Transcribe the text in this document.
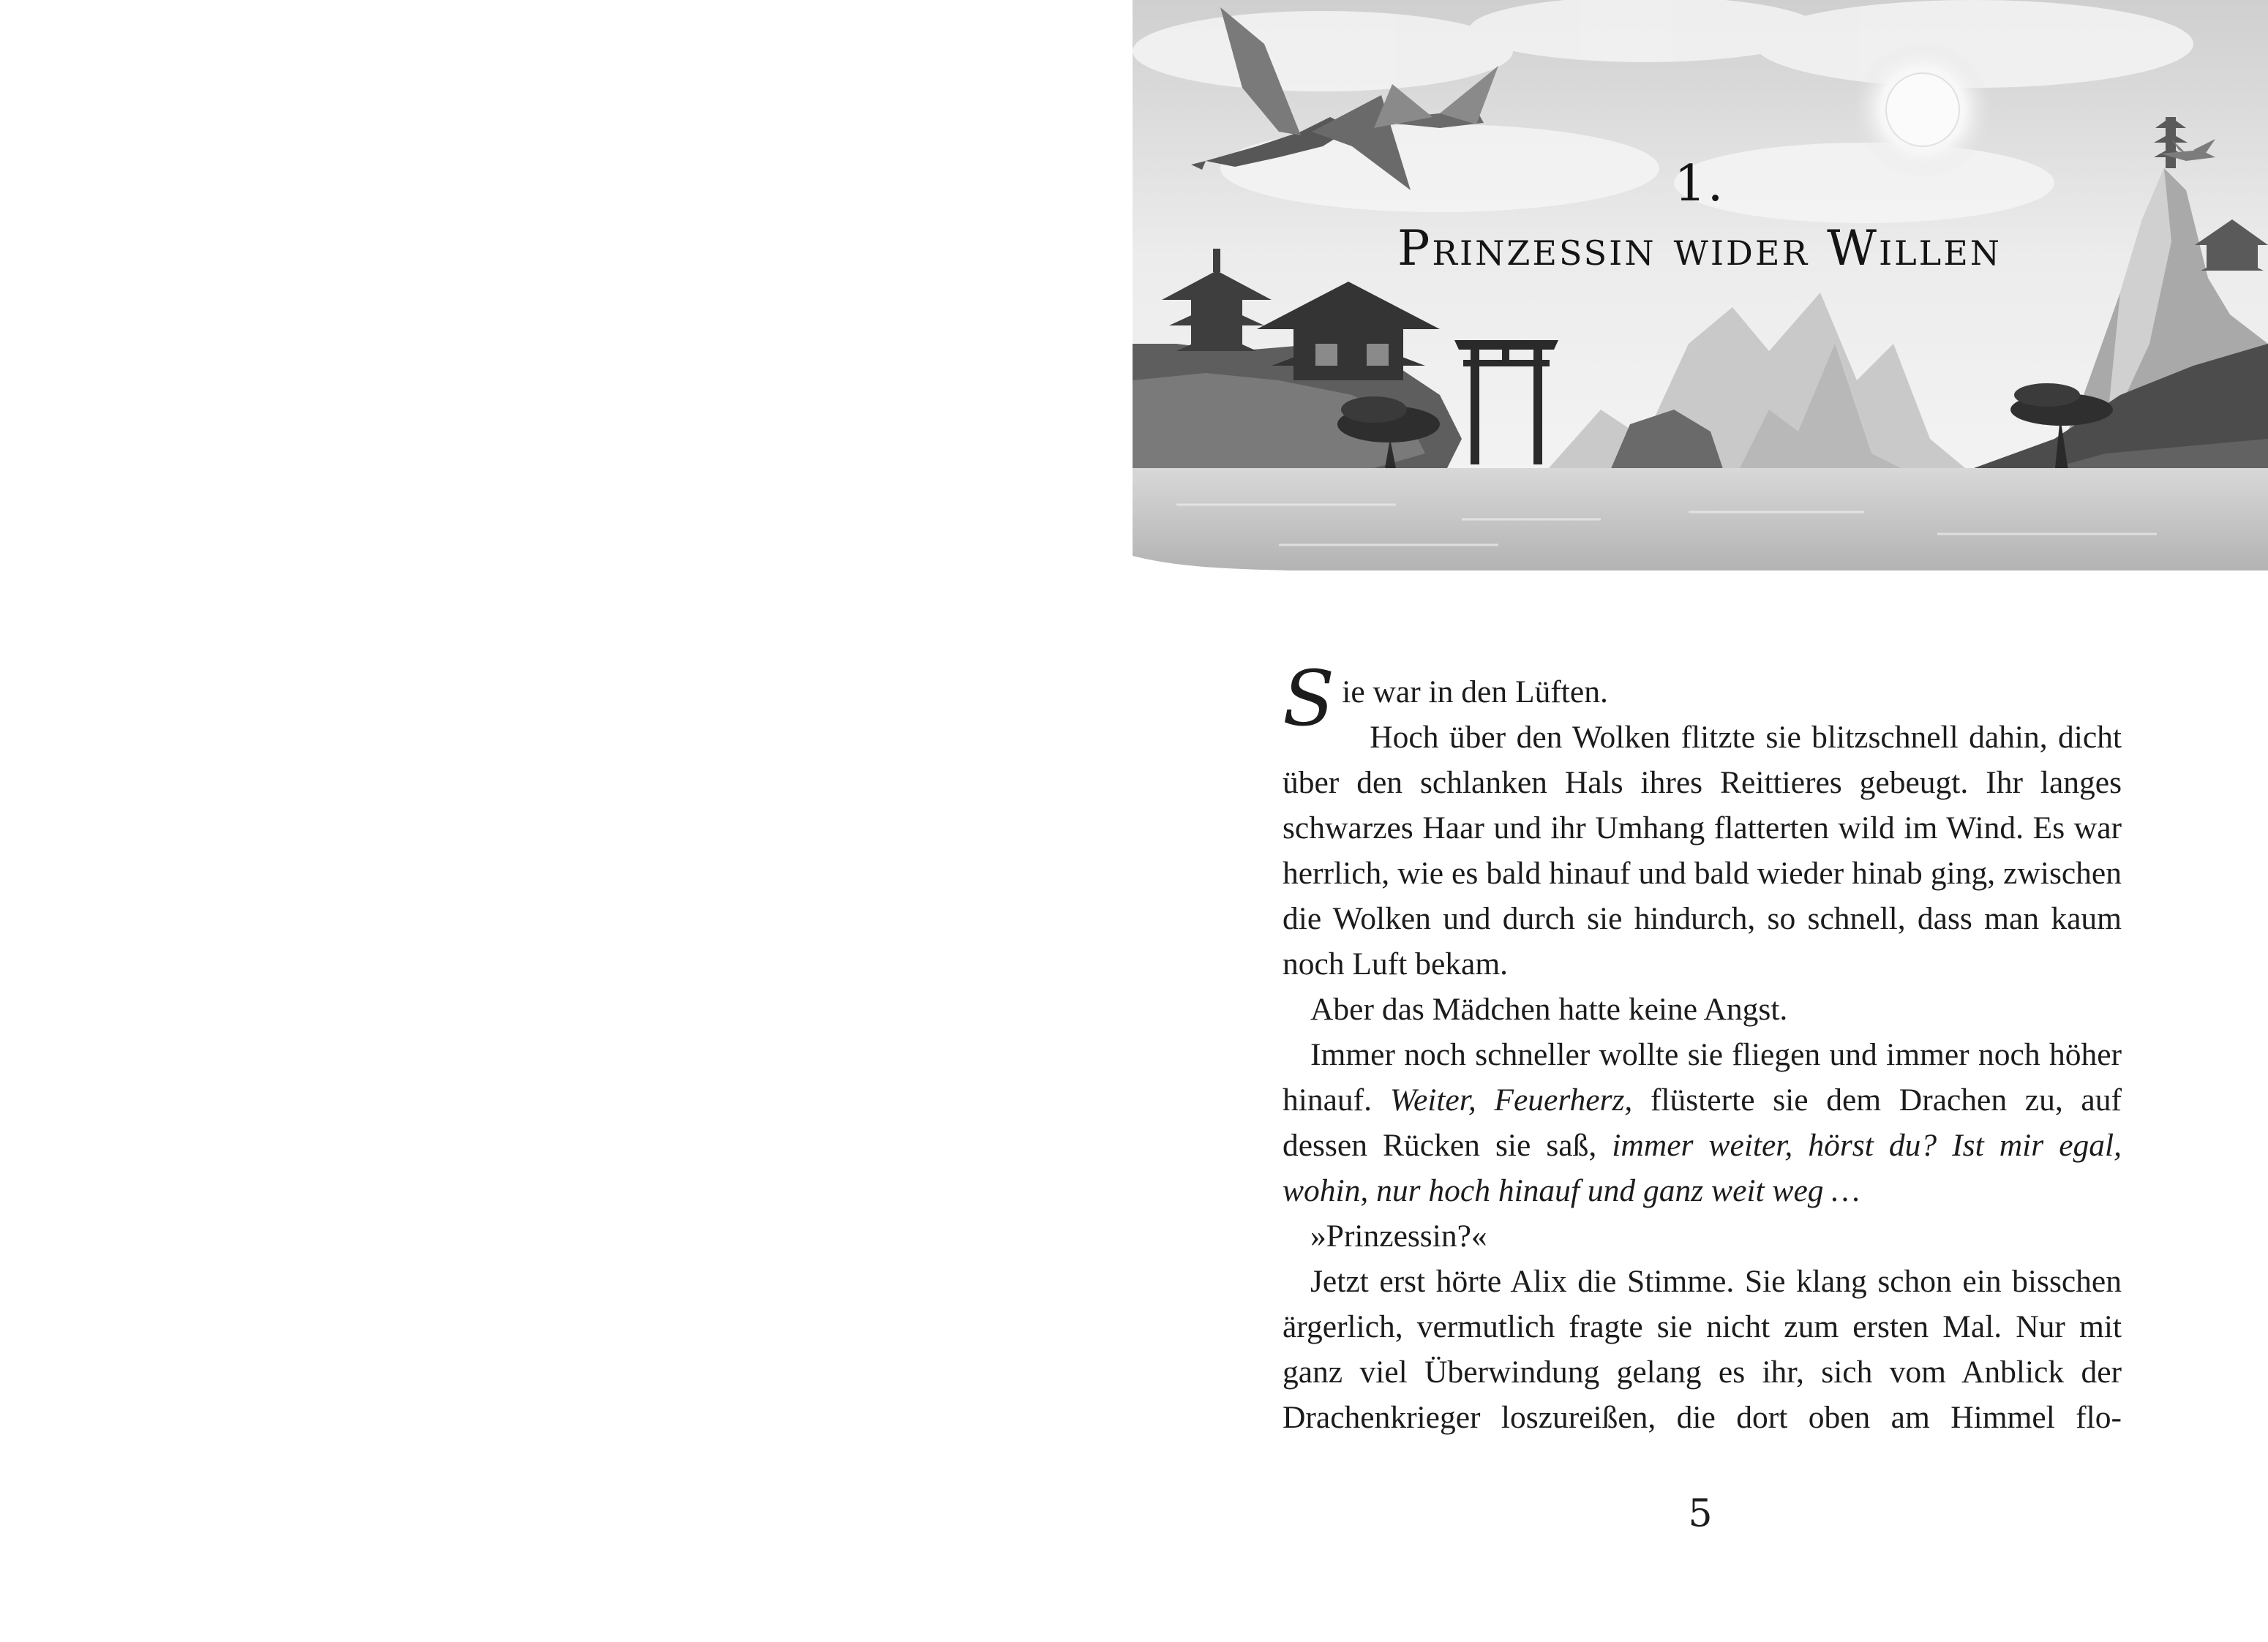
1.
Prinzessin wider Willen

Sie war in den Lüften.

Hoch über den Wolken flitzte sie blitzschnell dahin, dicht über den schlanken Hals ihres Reittieres gebeugt. Ihr langes schwarzes Haar und ihr Umhang flatterten wild im Wind. Es war herrlich, wie es bald hinauf und bald wieder hinab ging, zwischen die Wolken und durch sie hindurch, so schnell, dass man kaum noch Luft bekam.

Aber das Mädchen hatte keine Angst.

Immer noch schneller wollte sie fliegen und immer noch höher hinauf. Weiter, Feuerherz, flüsterte sie dem Drachen zu, auf dessen Rücken sie saß, immer weiter, hörst du? Ist mir egal, wohin, nur hoch hinauf und ganz weit weg …

»Prinzessin?«

Jetzt erst hörte Alix die Stimme. Sie klang schon ein bisschen ärgerlich, vermutlich fragte sie nicht zum ersten Mal. Nur mit ganz viel Überwindung gelang es ihr, sich vom Anblick der Drachenkrieger loszureißen, die dort oben am Himmel flo-

5
